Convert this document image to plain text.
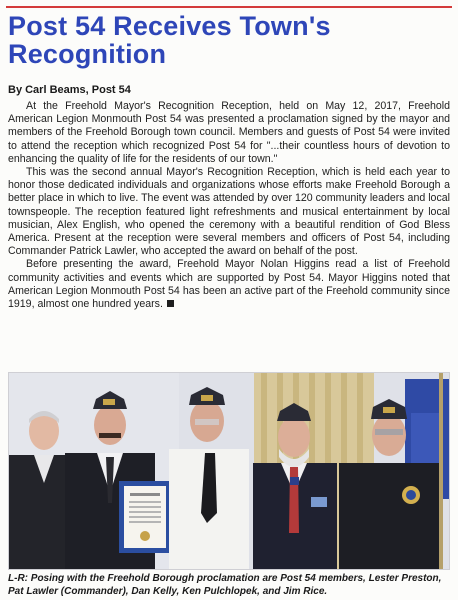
Post 54 Receives Town's Recognition
By Carl Beams, Post 54

At the Freehold Mayor's Recognition Reception, held on May 12, 2017, Freehold American Legion Monmouth Post 54 was presented a proclamation signed by the mayor and members of the Freehold Borough town council. Members and guests of Post 54 were invited to attend the reception which recognized Post 54 for "...their countless hours of devotion to enhancing the quality of life for the residents of our town."

This was the second annual Mayor's Recognition Reception, which is held each year to honor those dedicated individuals and organizations whose efforts make Freehold Borough a better place in which to live. The event was attended by over 120 community leaders and local townspeople. The reception featured light refreshments and musical entertainment by local musician, Alex English, who opened the ceremony with a beautiful rendition of God Bless America. Present at the reception were several members and officers of Post 54, including Commander Patrick Lawler, who accepted the award on behalf of the post.

Before presenting the award, Freehold Mayor Nolan Higgins read a list of Freehold community activities and events which are supported by Post 54. Mayor Higgins noted that American Legion Monmouth Post 54 has been an active part of the Freehold community since 1919, almost one hundred years.

L-R: Posing with the Freehold Borough proclamation are Post 54 members, Lester Preston, Pat Lawler (Commander), Dan Kelly, Ken Pulchlopek, and Jim Rice.
